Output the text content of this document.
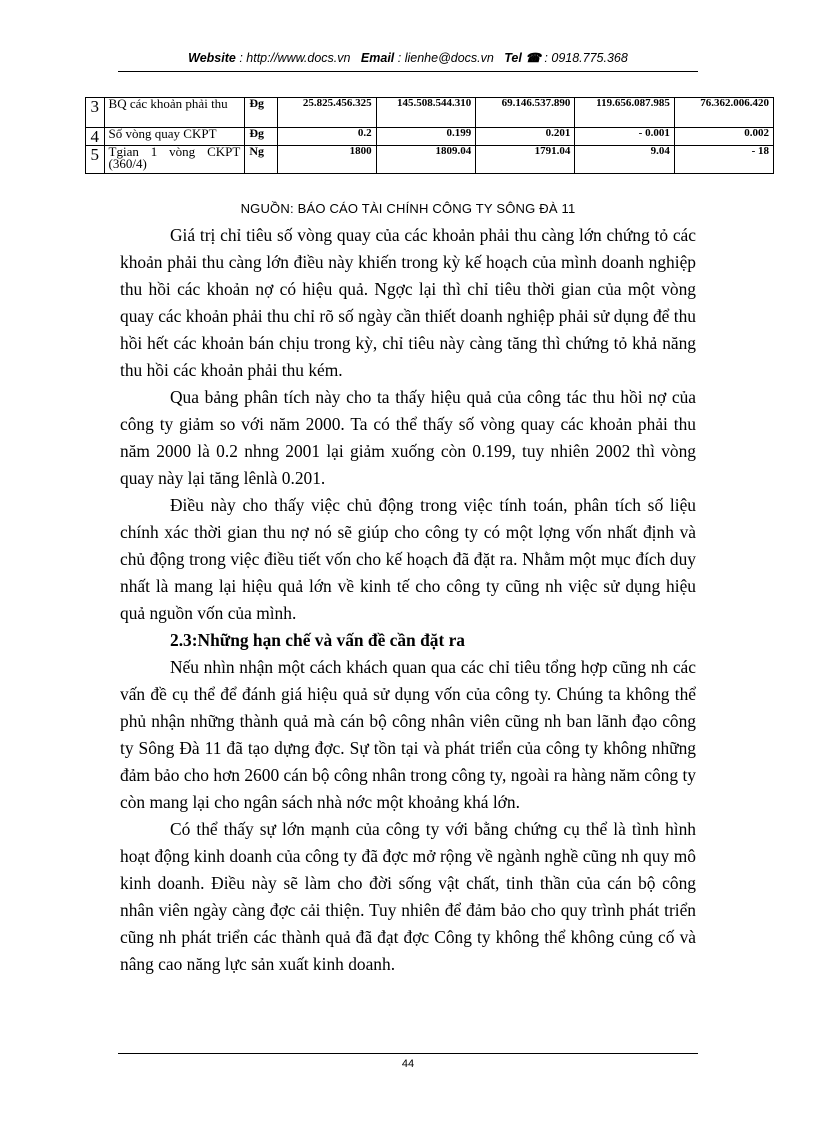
Website : http://www.docs.vn Email : lienhe@docs.vn Tel ☎ : 0918.775.368
3	BQ các khoản phải thu	Đg	25.825.456.325	145.508.544.310	69.146.537.890	119.656.087.985	76.362.006.420
4	Số vòng quay CKPT	Đg	0.2	0.199	0.201	- 0.001	0.002
5	Tgian 1 vòng CKPT (360/4)	Ng	1800	1809.04	1791.04	9.04	- 18
NGUỒN: BÁO CÁO TÀI CHÍNH CÔNG TY SÔNG ĐÀ 11

Giá trị chỉ tiêu số vòng quay của các khoản phải thu càng lớn chứng tỏ các khoản phải thu càng lớn điều này khiến trong kỳ kế hoạch của mình doanh nghiệp thu hồi các khoản nợ có hiệu quả. Ngợc lại thì chỉ tiêu thời gian của một vòng quay các khoản phải thu chỉ rõ số ngày cần thiết doanh nghiệp phải sử dụng để thu hồi hết các khoản bán chịu trong kỳ, chỉ tiêu này càng tăng thì chứng tỏ khả năng thu hồi các khoản phải thu kém.

Qua bảng phân tích này cho ta thấy hiệu quả của công tác thu hồi nợ của công ty giảm so với năm 2000. Ta có thể thấy số vòng quay các khoản phải thu năm 2000 là 0.2 nhng 2001 lại giảm xuống còn 0.199, tuy nhiên 2002 thì vòng quay này lại tăng lênlà 0.201.

Điều này cho thấy việc chủ động trong việc tính toán, phân tích số liệu chính xác thời gian thu nợ nó sẽ giúp cho công ty có một lợng vốn nhất định và chủ động trong việc điều tiết vốn cho kế hoạch đã đặt ra. Nhằm một mục đích duy nhất là mang lại hiệu quả lớn về kinh tế cho công ty cũng nh việc sử dụng hiệu quả nguồn vốn của mình.

2.3:Những hạn chế và vấn đề cần đặt ra

Nếu nhìn nhận một cách khách quan qua các chỉ tiêu tổng hợp cũng nh các vấn đề cụ thể để đánh giá hiệu quả sử dụng vốn của công ty. Chúng ta không thể phủ nhận những thành quả mà cán bộ công nhân viên cũng nh ban lãnh đạo công ty Sông Đà 11 đã tạo dựng đợc. Sự tồn tại và phát triển của công ty không những đảm bảo cho hơn 2600 cán bộ công nhân trong công ty, ngoài ra hàng năm công ty còn mang lại cho ngân sách nhà nớc một khoảng khá lớn.

Có thể thấy sự lớn mạnh của công ty với bằng chứng cụ thể là tình hình hoạt động kinh doanh của công ty đã đợc mở rộng về ngành nghề cũng nh quy mô kinh doanh. Điều này sẽ làm cho đời sống vật chất, tinh thần của cán bộ công nhân viên ngày càng đợc cải thiện. Tuy nhiên để đảm bảo cho quy trình phát triển cũng nh phát triển các thành quả đã đạt đợc Công ty không thể không củng cố và nâng cao năng lực sản xuất kinh doanh.

44
